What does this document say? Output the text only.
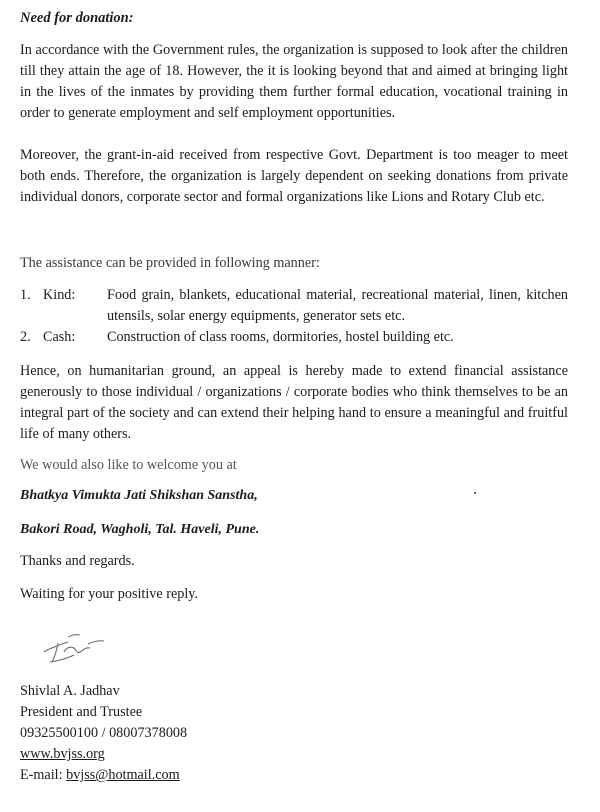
Need for donation:

In accordance with the Government rules, the organization is supposed to look after the children till they attain the age of 18. However, the it is looking beyond that and aimed at bringing light in the lives of the inmates by providing them further formal education, vocational training in order to generate employment and self employment opportunities.

Moreover, the grant-in-aid received from respective Govt. Department is too meager to meet both ends. Therefore, the organization is largely dependent on seeking donations from private individual donors, corporate sector and formal organizations like Lions and Rotary Club etc.

The assistance can be provided in following manner:

1. Kind:	Food grain, blankets, educational material, recreational material, linen, kitchen utensils, solar energy equipments, generator sets etc.
2. Cash:	Construction of class rooms, dormitories, hostel building etc.

Hence, on humanitarian ground, an appeal is hereby made to extend financial assistance generously to those individual / organizations / corporate bodies who think themselves to be an integral part of the society and can extend their helping hand to ensure a meaningful and fruitful life of many others.

We would also like to welcome you at

Bhatkya Vimukta Jati Shikshan Sanstha,
Bakori Road, Wagholi, Tal. Haveli, Pune.
Thanks and regards.
Waiting for your positive reply.
Shivlal A. Jadhav
President and Trustee
09325500100 / 08007378008
www.bvjss.org
E-mail: bvjss@hotmail.com
